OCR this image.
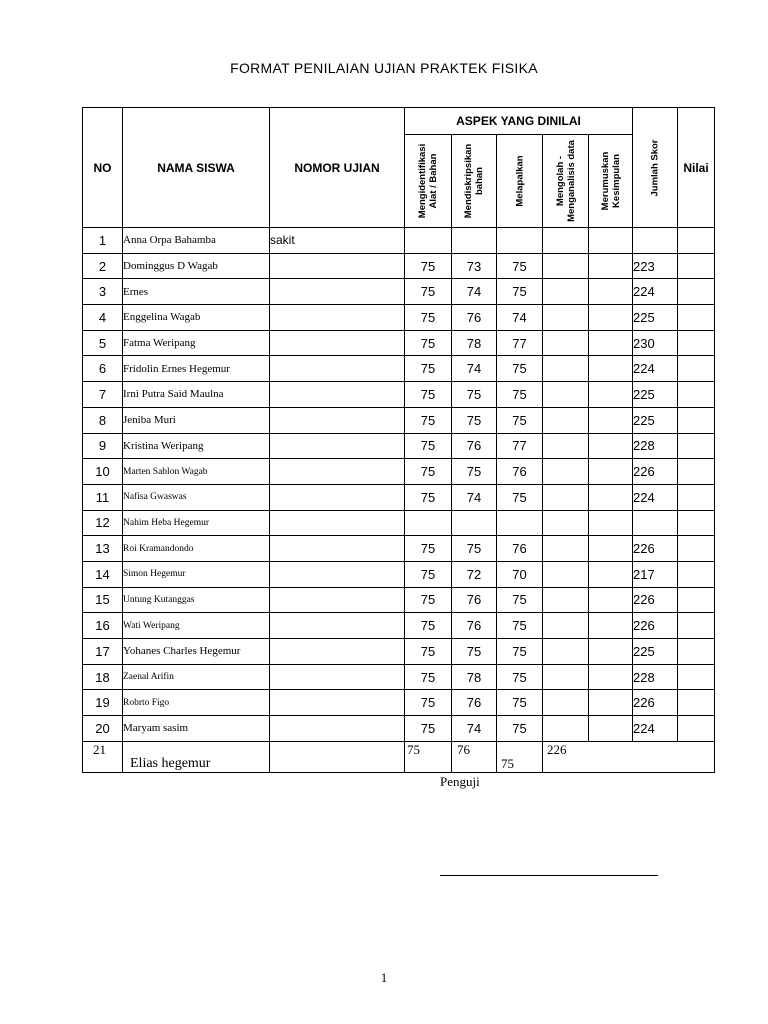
FORMAT PENILAIAN UJIAN PRAKTEK FISIKA
NO	NAMA SISWA	NOMOR UJIAN	ASPEK YANG DINILAI					Jumlah Skor	Nilai

			Mengidentifikasi Alat / Bahan	Mendiskripsikan bahan	Melapalkan	Mengolah - Menganalisis data	Merumuskan Kesimpulan		

1	Anna Orpa Bahamba	sakit							
2	Dominggus D Wagab		75	73	75			223	
3	Ernes		75	74	75			224	
4	Enggelina Wagab		75	76	74			225	
5	Fatma Weripang		75	78	77			230	
6	Fridolin Ernes Hegemur		75	74	75			224	
7	Irni Putra Said Maulna		75	75	75			225	
8	Jeniba Muri		75	75	75			225	
9	Kristina Weripang		75	76	77			228	
10	Marten Sablon Wagab		75	75	76			226	
11	Nafisa Gwaswas		75	74	75			224	
12	Nahim Heba Hegemur								
13	Roi Kramandondo		75	75	76			226	
14	Simon Hegemur		75	72	70			217	
15	Untung Kutanggas		75	76	75			226	
16	Wati Weripang		75	76	75			226	
17	Yohanes Charles Hegemur		75	75	75			225	
18	Zaenal Arifin		75	78	75			228	
19	Robrto Figo		75	76	75			226	
20	Maryam sasim		75	74	75			224	
21	Elias hegemur		75	76	75	226			
Penguji
1
